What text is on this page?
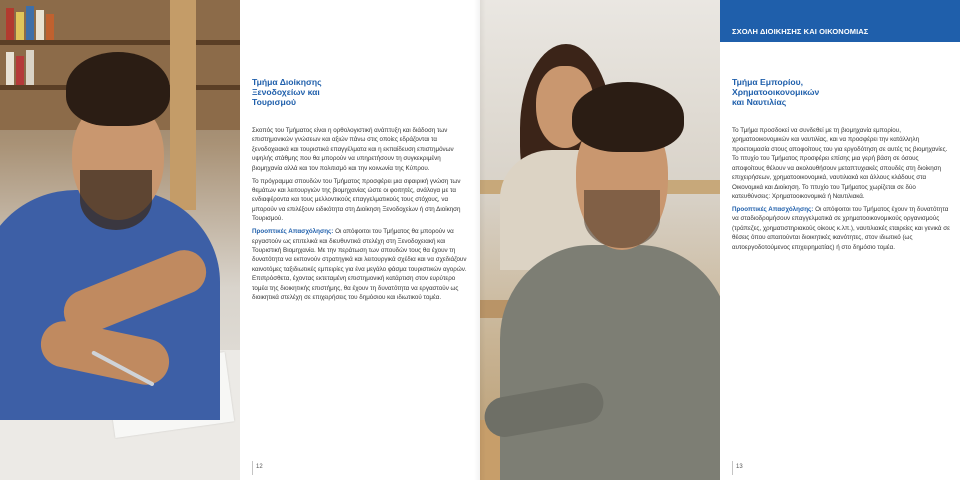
Τμήμα Διοίκησης
Ξενοδοχείων και
Τουρισμού

Σκοπός του Τμήματος είναι η ορθολογιστική ανάπτυξη και διάδοση των επιστημονικών γνώσεων και αξιών πάνω στις οποίες εδράζονται τα ξενοδοχειακά και τουριστικά επαγγέλματα και η εκπαίδευση επιστημόνων υψηλής στάθμης που θα μπορούν να υπηρετήσουν τη συγκεκριμένη βιομηχανία αλλά και τον πολιτισμό και την κοινωνία της Κύπρου.

Το πρόγραμμα σπουδών του Τμήματος προσφέρει μια σφαιρική γνώση των θεμάτων και λειτουργιών της βιομηχανίας ώστε οι φοιτητές, ανάλογα με τα ενδιαφέροντα και τους μελλοντικούς επαγγελματικούς τους στόχους, να μπορούν να επιλέξουν ειδικότητα στη Διοίκηση Ξενοδοχείων ή στη Διοίκηση Τουρισμού.

Προοπτικές Απασχόλησης: Οι απόφοιτοι του Τμήματος θα μπορούν να εργαστούν ως επιτελικά και διευθυντικά στελέχη στη Ξενοδοχειακή και Τουριστική Βιομηχανία. Με την περάτωση των σπουδών τους θα έχουν τη δυνατότητα να εκπονούν στρατηγικά και λειτουργικά σχέδια και να σχεδιάζουν καινοτόμες ταξιδιωτικές εμπειρίες για ένα μεγάλο φάσμα τουριστικών αγορών. Επιπρόσθετα, έχοντας εκτεταμένη επιστημονική κατάρτιση στον ευρύτερο τομέα της διοικητικής επιστήμης, θα έχουν τη δυνατότητα να εργαστούν ως διοικητικά στελέχη σε επιχειρήσεις του δημόσιου και ιδιωτικού τομέα.

12
Τμήμα Εμπορίου,
Χρηματοοικονομικών
και Ναυτιλίας

Το Τμήμα προσδοκεί να συνδεθεί με τη βιομηχανία εμπορίου, χρηματοοικονομικών και ναυτιλίας, και να προσφέρει την κατάλληλη προετοιμασία στους αποφοίτους του για εργοδότηση σε αυτές τις βιομηχανίες. Το πτυχίο του Τμήματος προσφέρει επίσης μια γερή βάση σε όσους αποφοίτους θέλουν να ακολουθήσουν μεταπτυχιακές σπουδές στη διοίκηση επιχειρήσεων, χρηματοοικονομικά, ναυτιλιακά και άλλους κλάδους στα Οικονομικά και Διοίκηση. Το πτυχίο του Τμήματος χωρίζεται σε δύο κατευθύνσεις: Χρηματοοικονομικά ή Ναυτιλιακά.

Προοπτικές Απασχόλησης: Οι απόφοιτοι του Τμήματος έχουν τη δυνατότητα να σταδιοδρομήσουν επαγγελματικά σε χρηματοοικονομικούς οργανισμούς (τράπεζες, χρηματιστηριακούς οίκους κ.λπ.), ναυτιλιακές εταιρείες και γενικά σε θέσεις όπου απαιτούνται διοικητικές ικανότητες, στον ιδιωτικό (ως αυτοεργοδοτούμενος επιχειρηματίας) ή στο δημόσιο τομέα.

13
ΣΧΟΛΗ ΔΙΟΙΚΗΣΗΣ ΚΑΙ ΟΙΚΟΝΟΜΙΑΣ
